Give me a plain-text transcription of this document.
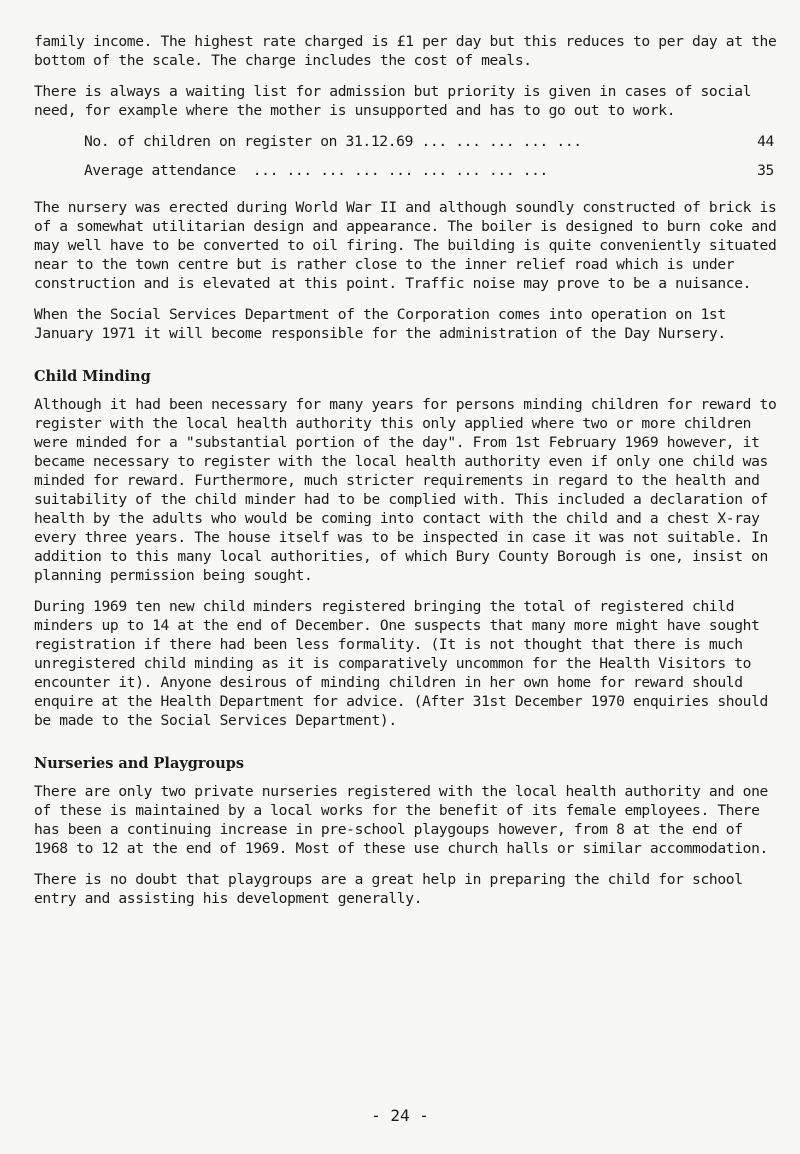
family income. The highest rate charged is £1 per day but this reduces to per day at the bottom of the scale. The charge includes the cost of meals.

There is always a waiting list for admission but priority is given in cases of social need, for example where the mother is unsupported and has to go out to work.

No. of children on register on 31.12.69 ... ... ... ... ...	44
Average attendance ... ... ... ... ... ... ... ... ...	35

The nursery was erected during World War II and although soundly constructed of brick is of a somewhat utilitarian design and appearance. The boiler is designed to burn coke and may well have to be converted to oil firing. The building is quite conveniently situated near to the town centre but is rather close to the inner relief road which is under construction and is elevated at this point. Traffic noise may prove to be a nuisance.

When the Social Services Department of the Corporation comes into operation on 1st January 1971 it will become responsible for the administration of the Day Nursery.

Child Minding

Although it had been necessary for many years for persons minding children for reward to register with the local health authority this only applied where two or more children were minded for a "substantial portion of the day". From 1st February 1969 however, it became necessary to register with the local health authority even if only one child was minded for reward. Furthermore, much stricter requirements in regard to the health and suitability of the child minder had to be complied with. This included a declaration of health by the adults who would be coming into contact with the child and a chest X-ray every three years. The house itself was to be inspected in case it was not suitable. In addition to this many local authorities, of which Bury County Borough is one, insist on planning permission being sought.

During 1969 ten new child minders registered bringing the total of registered child minders up to 14 at the end of December. One suspects that many more might have sought registration if there had been less formality. (It is not thought that there is much unregistered child minding as it is comparatively uncommon for the Health Visitors to encounter it). Anyone desirous of minding children in her own home for reward should enquire at the Health Department for advice. (After 31st December 1970 enquiries should be made to the Social Services Department).

Nurseries and Playgroups

There are only two private nurseries registered with the local health authority and one of these is maintained by a local works for the benefit of its female employees. There has been a continuing increase in pre-school playgoups however, from 8 at the end of 1968 to 12 at the end of 1969. Most of these use church halls or similar accommodation.

There is no doubt that playgroups are a great help in preparing the child for school entry and assisting his development generally.

- 24 -
